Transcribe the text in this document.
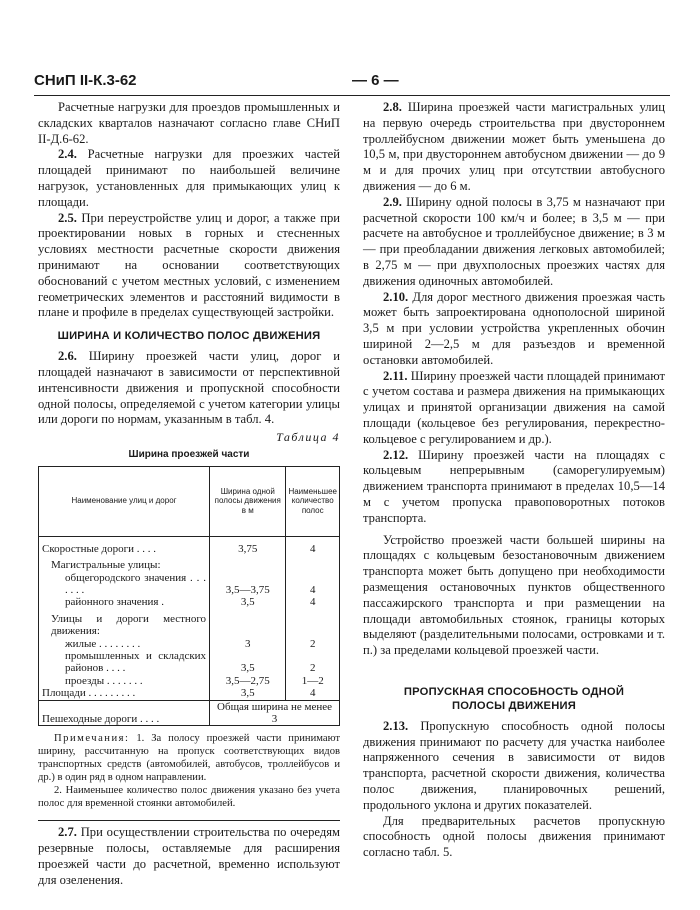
СНиП II-К.3-62	— 6 —

Расчетные нагрузки для проездов промышленных и складских кварталов назначают согласно главе СНиП II-Д.6-62.

2.4. Расчетные нагрузки для проезжих частей площадей принимают по наибольшей величине нагрузок, установленных для примыкающих улиц к площади.

2.5. При переустройстве улиц и дорог, а также при проектировании новых в горных и стесненных условиях местности расчетные скорости движения принимают на основании соответствующих обоснований с учетом местных условий, с изменением геометрических элементов и расстояний видимости в плане и профиле в пределах существующей застройки.

ШИРИНА И КОЛИЧЕСТВО ПОЛОС ДВИЖЕНИЯ

2.6. Ширину проезжей части улиц, дорог и площадей назначают в зависимости от перспективной интенсивности движения и пропускной способности одной полосы, определяемой с учетом категории улицы или дороги по нормам, указанным в табл. 4.

Таблица 4
Ширина проезжей части
Наименование улиц и дорог	Ширина одной полосы движения в м	Наименьшее количество полос

Скоростные дороги . . . .	3,75	4
Магистральные улицы:		
общегородского значения . . . . . . .	3,5—3,75	4
районного значения .	3,5	4
Улицы и дороги местного движения:		
жилые . . . . . . . .	3	2
промышленных и складских районов . . . .	3,5	2
проезды . . . . . . .	3,5—2,75	1—2
Площади . . . . . . . . .	3,5	4
Пешеходные дороги . . . .	Общая ширина не менее 3	

Примечания: 1. За полосу проезжей части принимают ширину, рассчитанную на пропуск соответствующих видов транспортных средств (автомобилей, автобусов, троллейбусов и др.) в один ряд в одном направлении.

2. Наименьшее количество полос движения указано без учета полос для временной стоянки автомобилей.

2.7. При осуществлении строительства по очередям резервные полосы, оставляемые для расширения проезжей части до расчетной, временно используют для озеленения.

2.8. Ширина проезжей части магистральных улиц на первую очередь строительства при двустороннем троллейбусном движении может быть уменьшена до 10,5 м, при двустороннем автобусном движении — до 9 м и для прочих улиц при отсутствии автобусного движения — до 6 м.

2.9. Ширину одной полосы в 3,75 м назначают при расчетной скорости 100 км/ч и более; в 3,5 м — при расчете на автобусное и троллейбусное движение; в 3 м — при преобладании движения легковых автомобилей; в 2,75 м — при двухполосных проезжих частях для движения одиночных автомобилей.

2.10. Для дорог местного движения проезжая часть может быть запроектирована однополосной шириной 3,5 м при условии устройства укрепленных обочин шириной 2—2,5 м для разъездов и временной остановки автомобилей.

2.11. Ширину проезжей части площадей принимают с учетом состава и размера движения на примыкающих улицах и принятой организации движения на самой площади (кольцевое без регулирования, перекрестно-кольцевое с регулированием и др.).

2.12. Ширину проезжей части на площадях с кольцевым непрерывным (саморегулируемым) движением транспорта принимают в пределах 10,5—14 м с учетом пропуска правоповоротных потоков транспорта.

Устройство проезжей части большей ширины на площадях с кольцевым безостановочным движением транспорта может быть допущено при необходимости размещения остановочных пунктов общественного пассажирского транспорта и при размещении на площади автомобильных стоянок, границы которых выделяют (разделительными полосами, островками и т. п.) за пределами кольцевой проезжей части.

ПРОПУСКНАЯ СПОСОБНОСТЬ ОДНОЙ ПОЛОСЫ ДВИЖЕНИЯ

2.13. Пропускную способность одной полосы движения принимают по расчету для участка наиболее напряженного сечения в зависимости от видов транспорта, расчетной скорости движения, количества полос движения, планировочных решений, продольного уклона и других показателей.

Для предварительных расчетов пропускную способность одной полосы движения принимают согласно табл. 5.
